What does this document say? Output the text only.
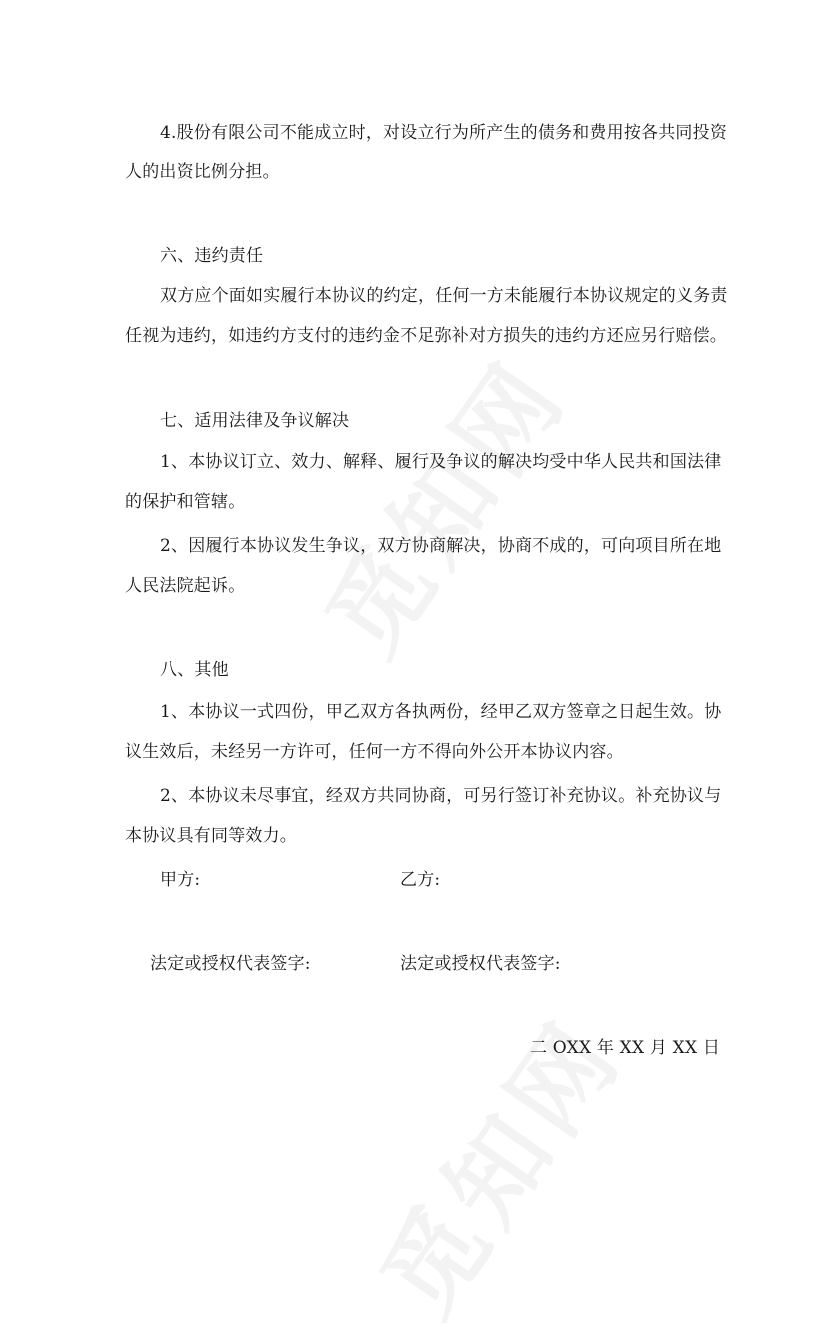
4.股份有限公司不能成立时，对设立行为所产生的债务和费用按各共同投资
人的出资比例分担。
六、违约责任
双方应个面如实履行本协议的约定，任何一方未能履行本协议规定的义务责
任视为违约，如违约方支付的违约金不足弥补对方损失的违约方还应另行赔偿。
七、适用法律及争议解决
1、本协议订立、效力、解释、履行及争议的解决均受中华人民共和国法律
的保护和管辖。
2、因履行本协议发生争议，双方协商解决，协商不成的，可向项目所在地
人民法院起诉。
八、其他
1、本协议一式四份，甲乙双方各执两份，经甲乙双方签章之日起生效。协
议生效后，未经另一方许可，任何一方不得向外公开本协议内容。
2、本协议未尽事宜，经双方共同协商，可另行签订补充协议。补充协议与
本协议具有同等效力。
甲方:	乙方:
法定或授权代表签字:	法定或授权代表签字:
二 OXX 年 XX 月 XX 日
